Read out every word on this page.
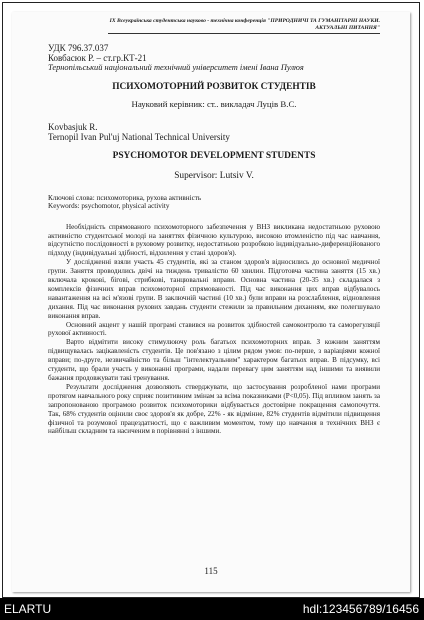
IX Всеукраїнська студентська науково - технічна конференція "ПРИРОДНИЧІ ТА ГУМАНІТАРНІ НАУКИ.
АКТУАЛЬНІ ПИТАННЯ"
УДК 796.37.037
Ковбасюк Р. – ст.гр.КТ-21
Тернопільський національний технічний університет імені Івана Пулюя
ПСИХОМОТОРНИЙ РОЗВИТОК СТУДЕНТІВ
Науковий керівник: ст.. викладач Луців В.С.
Kovbasjuk R.
Ternopil Ivan Pul'uj National Technical University
PSYCHOMOTOR DEVELOPMENT STUDENTS
Supervisor: Lutsiv V.
Ключові слова: психомоторика, рухова активність
Keywords: psychomotor, physical activity

Необхідність спрямованого психомоторного забезпечення у ВНЗ викликана недостатньою руховою активністю студентської молоді на заняттях фізичною культурою, високою втомленістю під час навчання, відсутністю послідовності в руховому розвитку, недостатньою розробкою індивідуально-диференційованого підходу (індивідуальні здібності, відхилення у стані здоров'я).

У дослідженні взяли участь 45 студентів, які за станом здоров'я відносились до основної медичної групи. Заняття проводились двічі на тиждень тривалістю 60 хвилин. Підготовча частина заняття (15 хв.) включала крокові, бігові, стрибкові, танцювальні вправи. Основна частина (20-35 хв.) складалася з комплексів фізичних вправ психомоторної спрямованості. Під час виконання цих вправ відбувалось навантаження на всі м'язові групи. В заключній частині (10 хв.) були вправи на розслаблення, відновлення дихання. Під час виконання рухових завдань студенти стежили за правильним диханням, яке полегшувало виконання вправ.

Основний акцент у нашій програмі ставився на розвиток здібностей самоконтролю та саморегуляції рухової активності.

Варто відмітити високу стимулюючу роль багатьох психомоторних вправ. З кожним заняттям підвищувалась зацікавленість студентів. Це пов'язано з цілим рядом умов: по-перше, з варіаціями кожної вправи; по-друге, незвичайністю та більш "інтелектуальним" характером багатьох вправ. В підсумку, всі студенти, що брали участь у виконанні програми, надали перевагу цим заняттям над іншими та виявили бажання продовжувати такі тренування.

Результати дослідження дозволяють стверджувати, що застосування розробленої нами програми протягом навчального року сприяє позитивним змінам за всіма показниками (P<0,05). Під впливом занять за запропонованою програмою розвиток психомоторики відбувається достовірне покращення самопочуття. Так, 68% студентів оцінили своє здоров'я як добре, 22% - як відмінне, 82% студентів відмітили підвищення фізичної та розумової працездатності, що є важливим моментом, тому що навчання в технічних ВНЗ є найбільш складним та насиченим в порівнянні з іншими.

115
ELARTU	hdl:123456789/16456
